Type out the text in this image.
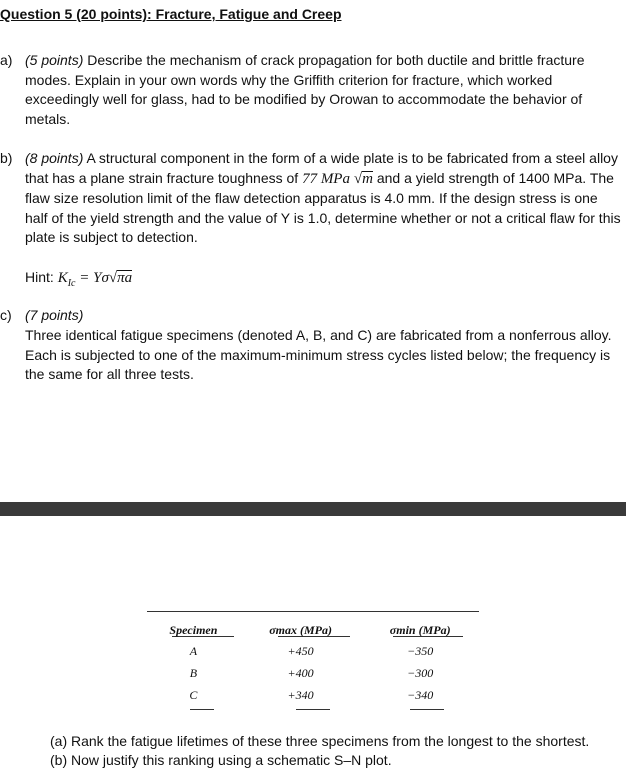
Question 5 (20 points): Fracture, Fatigue and Creep
a) (5 points) Describe the mechanism of crack propagation for both ductile and brittle fracture modes. Explain in your own words why the Griffith criterion for fracture, which worked exceedingly well for glass, had to be modified by Orowan to accommodate the behavior of metals.
b) (8 points) A structural component in the form of a wide plate is to be fabricated from a steel alloy that has a plane strain fracture toughness of 77 MPa √m and a yield strength of 1400 MPa. The flaw size resolution limit of the flaw detection apparatus is 4.0 mm. If the design stress is one half of the yield strength and the value of Y is 1.0, determine whether or not a critical flaw for this plate is subject to detection.
Hint: $K_{Ic} = Y\sigma√\pi a$
c) (7 points)
Three identical fatigue specimens (denoted A, B, and C) are fabricated from a nonferrous alloy. Each is subjected to one of the maximum-minimum stress cycles listed below; the frequency is the same for all three tests.
Specimen	σmax (MPa)	σmin (MPa)
A	+450	−350
B	+400	−300
C	+340	−340
(a) Rank the fatigue lifetimes of these three specimens from the longest to the shortest.
(b) Now justify this ranking using a schematic S–N plot.
